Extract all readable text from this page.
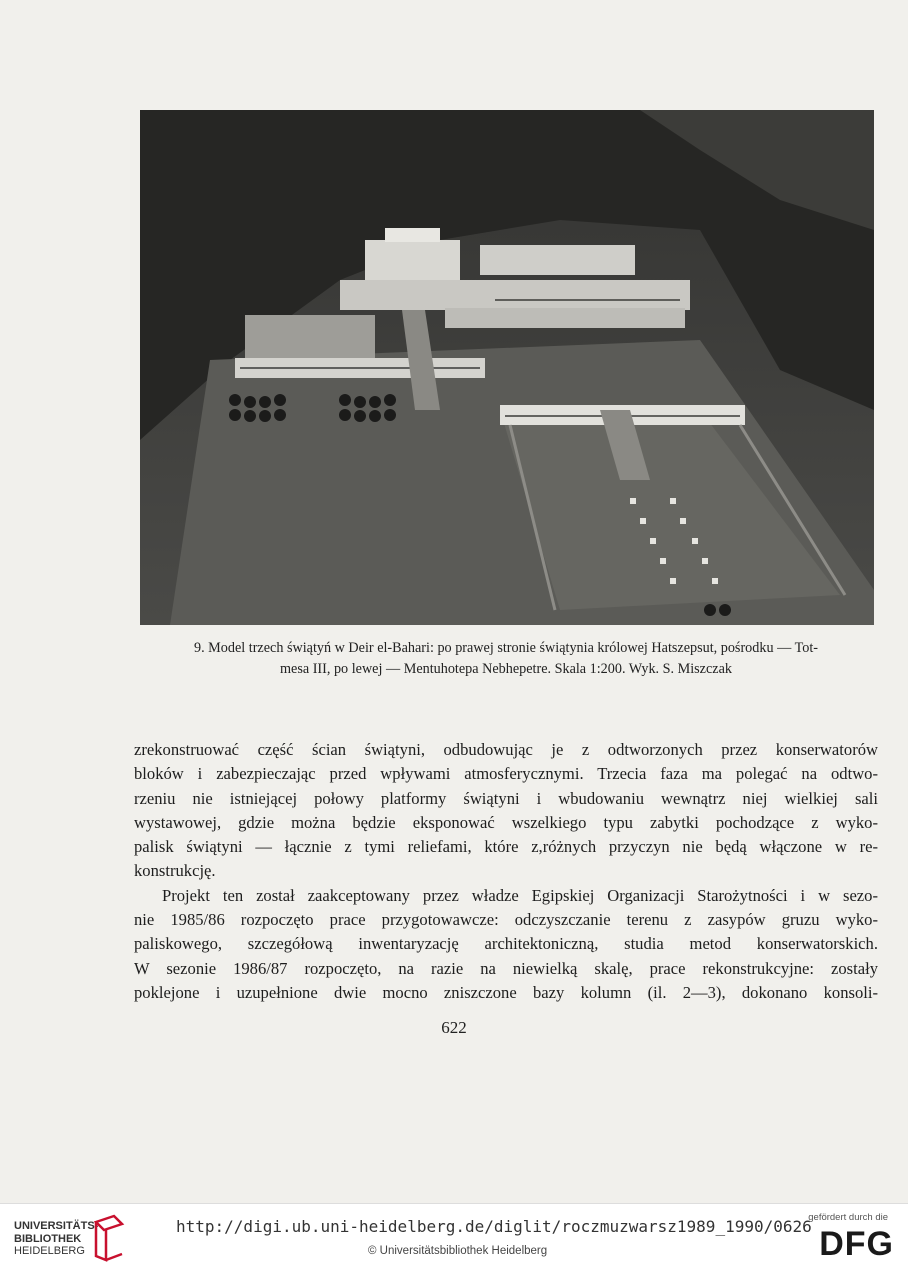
9. Model trzech świątyń w Deir el-Bahari: po prawej stronie świątynia królowej Hatszepsut, pośrodku — Tot-
mesa III, po lewej — Mentuhotepa Nebhepetre. Skala 1:200. Wyk. S. Miszczak

zrekonstruować część ścian świątyni, odbudowując je z odtworzonych przez konserwatorów

bloków i zabezpieczając przed wpływami atmosferycznymi. Trzecia faza ma polegać na odtwo-

rzeniu nie istniejącej połowy platformy świątyni i wbudowaniu wewnątrz niej wielkiej sali

wystawowej, gdzie można będzie eksponować wszelkiego typu zabytki pochodzące z wyko-

palisk świątyni — łącznie z tymi reliefami, które z,różnych przyczyn nie będą włączone w re-

konstrukcję.

Projekt ten został zaakceptowany przez władze Egipskiej Organizacji Starożytności i w sezo-

nie 1985/86 rozpoczęto prace przygotowawcze: odczyszczanie terenu z zasypów gruzu wyko-

paliskowego, szczegółową inwentaryzację architektoniczną, studia metod konserwatorskich.

W sezonie 1986/87 rozpoczęto, na razie na niewielką skalę, prace rekonstrukcyjne: zostały

poklejone i uzupełnione dwie mocno zniszczone bazy kolumn (il. 2—3), dokonano konsoli-

622
UNIVERSITÄTS-
BIBLIOTHEK
HEIDELBERG
http://digi.ub.uni-heidelberg.de/diglit/roczmuzwarsz1989_1990/0626
© Universitätsbibliothek Heidelberg
gefördert durch die
DFG
